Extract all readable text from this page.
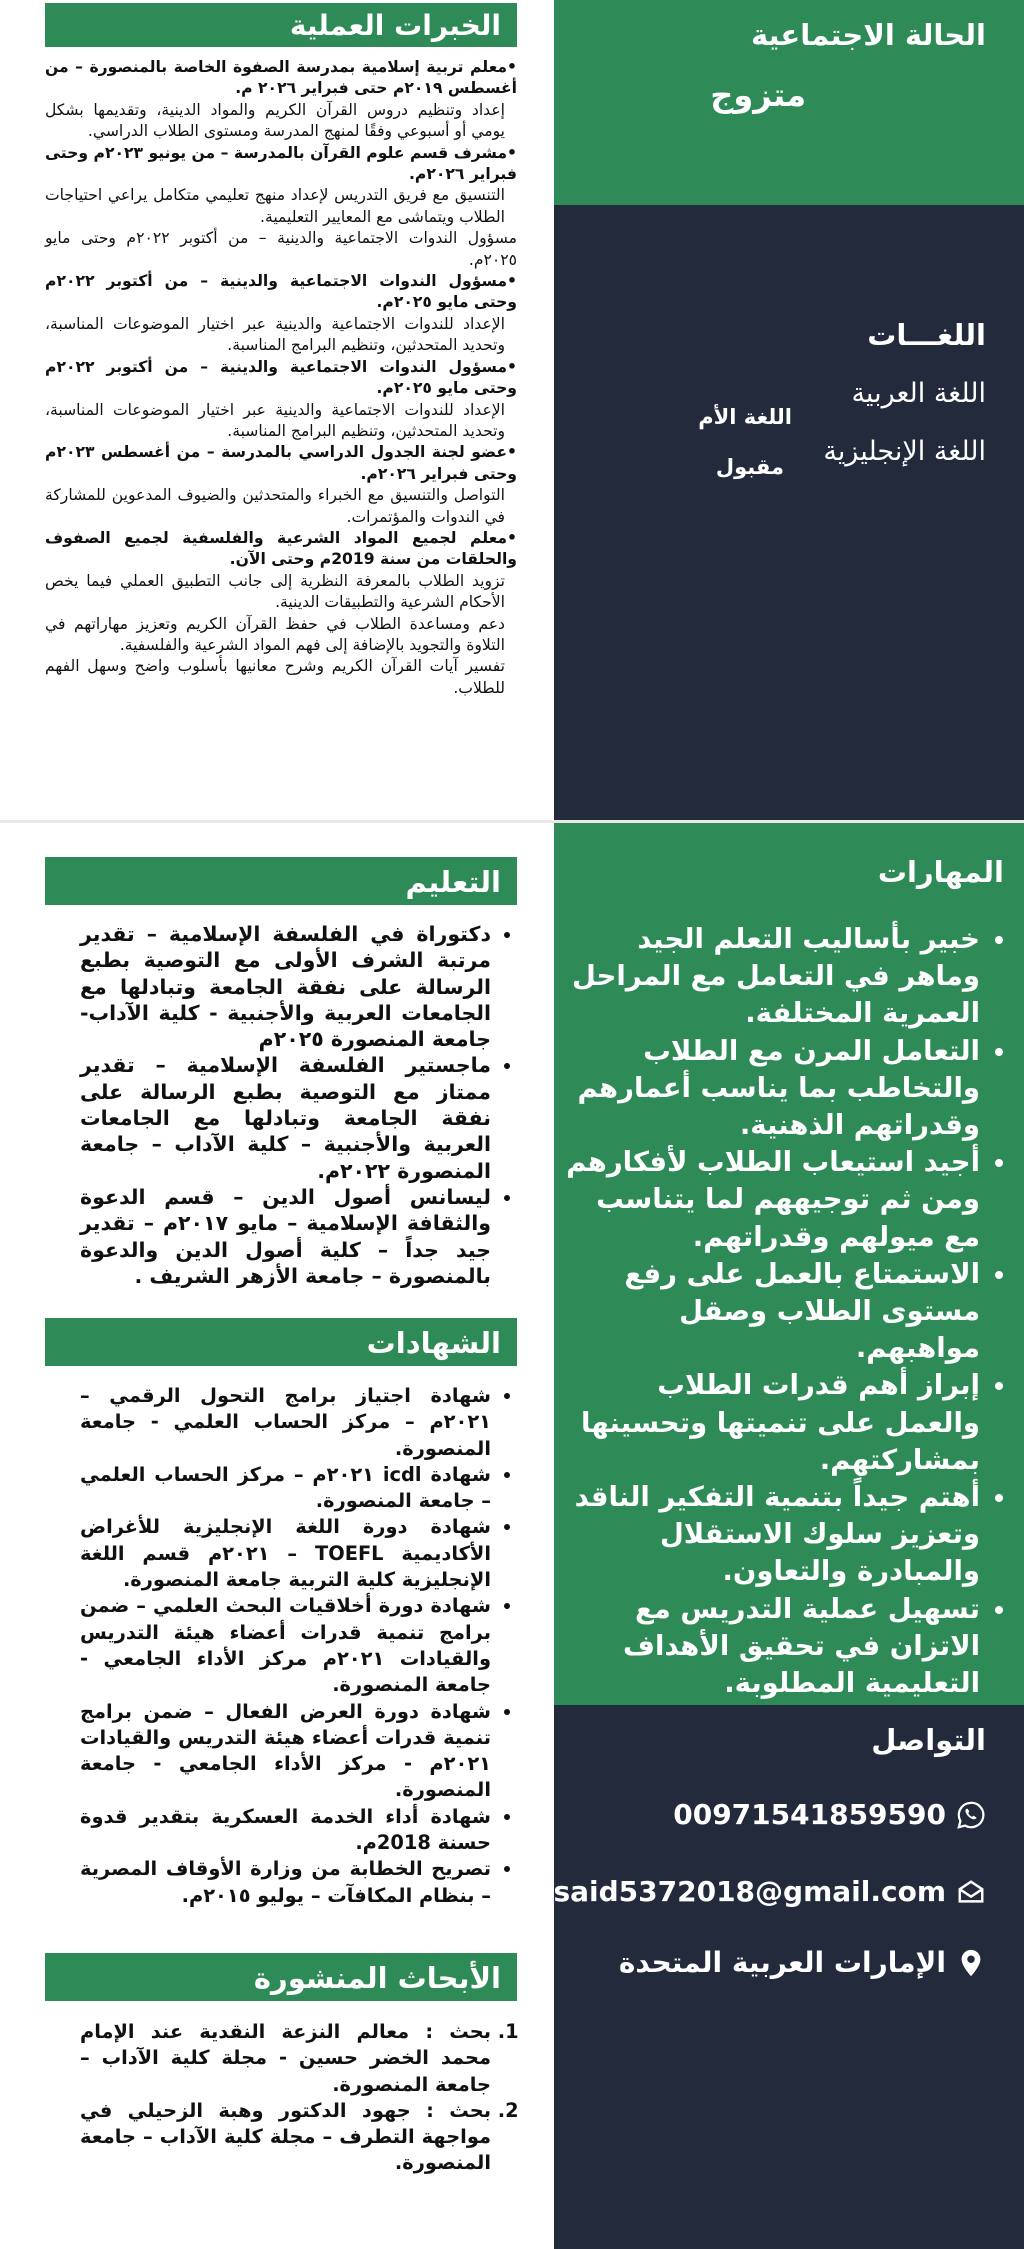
الحالة الاجتماعية
متزوج
اللغـــات
اللغة العربية
اللغة الأم
اللغة الإنجليزية
مقبول
الخبرات العملية

•معلم تربية إسلامية بمدرسة الصفوة الخاصة بالمنصورة – من أغسطس ٢٠١٩م حتى فبراير ٢٠٢٦ م.

إعداد وتنظيم دروس القرآن الكريم والمواد الدينية، وتقديمها بشكل يومي أو أسبوعي وفقًا لمنهج المدرسة ومستوى الطلاب الدراسي.

•مشرف قسم علوم القرآن بالمدرسة – من يونيو ٢٠٢٣م وحتى فبراير ٢٠٢٦م.

التنسيق مع فريق التدريس لإعداد منهج تعليمي متكامل يراعي احتياجات الطلاب ويتماشى مع المعايير التعليمية.

مسؤول الندوات الاجتماعية والدينية – من أكتوبر ٢٠٢٢م وحتى مايو ٢٠٢٥م.

•مسؤول الندوات الاجتماعية والدينية – من أكتوبر ٢٠٢٢م وحتى مايو ٢٠٢٥م.

الإعداد للندوات الاجتماعية والدينية عبر اختيار الموضوعات المناسبة، وتحديد المتحدثين، وتنظيم البرامج المناسبة.

•مسؤول الندوات الاجتماعية والدينية – من أكتوبر ٢٠٢٢م وحتى مايو ٢٠٢٥م.

الإعداد للندوات الاجتماعية والدينية عبر اختيار الموضوعات المناسبة، وتحديد المتحدثين، وتنظيم البرامج المناسبة.

•عضو لجنة الجدول الدراسي بالمدرسة – من أغسطس ٢٠٢٣م وحتى فبراير ٢٠٢٦م.

التواصل والتنسيق مع الخبراء والمتحدثين والضيوف المدعوين للمشاركة في الندوات والمؤتمرات.

•معلم لجميع المواد الشرعية والفلسفية لجميع الصفوف والحلقات من سنة 2019م وحتى الآن.

تزويد الطلاب بالمعرفة النظرية إلى جانب التطبيق العملي فيما يخص الأحكام الشرعية والتطبيقات الدينية.

دعم ومساعدة الطلاب في حفظ القرآن الكريم وتعزيز مهاراتهم في التلاوة والتجويد بالإضافة إلى فهم المواد الشرعية والفلسفية.

تفسير آيات القرآن الكريم وشرح معانيها بأسلوب واضح وسهل الفهم للطلاب.

المهارات
• خبير بأساليب التعلم الجيد وماهر في التعامل مع المراحل العمرية المختلفة.
• التعامل المرن مع الطلاب والتخاطب بما يناسب أعمارهم وقدراتهم الذهنية.
• أجيد استيعاب الطلاب لأفكارهم ومن ثم توجيههم لما يتناسب مع ميولهم وقدراتهم.
• الاستمتاع بالعمل على رفع مستوى الطلاب وصقل مواهبهم.
• إبراز أهم قدرات الطلاب والعمل على تنميتها وتحسينها بمشاركتهم.
• أهتم جيداً بتنمية التفكير الناقد وتعزيز سلوك الاستقلال والمبادرة والتعاون.
• تسهيل عملية التدريس مع الاتزان في تحقيق الأهداف التعليمية المطلوبة.
التواصل
00971541859590
esaid5372018@gmail.com
الإمارات العربية المتحدة
التعليم
• دكتوراة في الفلسفة الإسلامية – تقدير مرتبة الشرف الأولى مع التوصية بطبع الرسالة على نفقة الجامعة وتبادلها مع الجامعات العربية والأجنبية - كلية الآداب- جامعة المنصورة ٢٠٢٥م
• ماجستير الفلسفة الإسلامية – تقدير ممتاز مع التوصية بطبع الرسالة على نفقة الجامعة وتبادلها مع الجامعات العربية والأجنبية – كلية الآداب – جامعة المنصورة ٢٠٢٢م.
• ليسانس أصول الدين – قسم الدعوة والثقافة الإسلامية – مايو ٢٠١٧م – تقدير جيد جداً – كلية أصول الدين والدعوة بالمنصورة – جامعة الأزهر الشريف .
الشهادات
• شهادة اجتياز برامج التحول الرقمي – ٢٠٢١م – مركز الحساب العلمي - جامعة المنصورة.
• شهادة icdl ٢٠٢١م – مركز الحساب العلمي – جامعة المنصورة.
• شهادة دورة اللغة الإنجليزية للأغراض الأكاديمية TOEFL – ٢٠٢١م قسم اللغة الإنجليزية كلية التربية جامعة المنصورة.
• شهادة دورة أخلاقيات البحث العلمي – ضمن برامج تنمية قدرات أعضاء هيئة التدريس والقيادات ٢٠٢١م مركز الأداء الجامعي - جامعة المنصورة.
• شهادة دورة العرض الفعال – ضمن برامج تنمية قدرات أعضاء هيئة التدريس والقيادات ٢٠٢١م - مركز الأداء الجامعي - جامعة المنصورة.
• شهادة أداء الخدمة العسكرية بتقدير قدوة حسنة 2018م.
• تصريح الخطابة من وزارة الأوقاف المصرية – بنظام المكافآت – يوليو ٢٠١٥م.
الأبحاث المنشورة
1. بحث : معالم النزعة النقدية عند الإمام محمد الخضر حسين - مجلة كلية الآداب – جامعة المنصورة.
2. بحث : جهود الدكتور وهبة الزحيلي في مواجهة التطرف – مجلة كلية الآداب – جامعة المنصورة.
